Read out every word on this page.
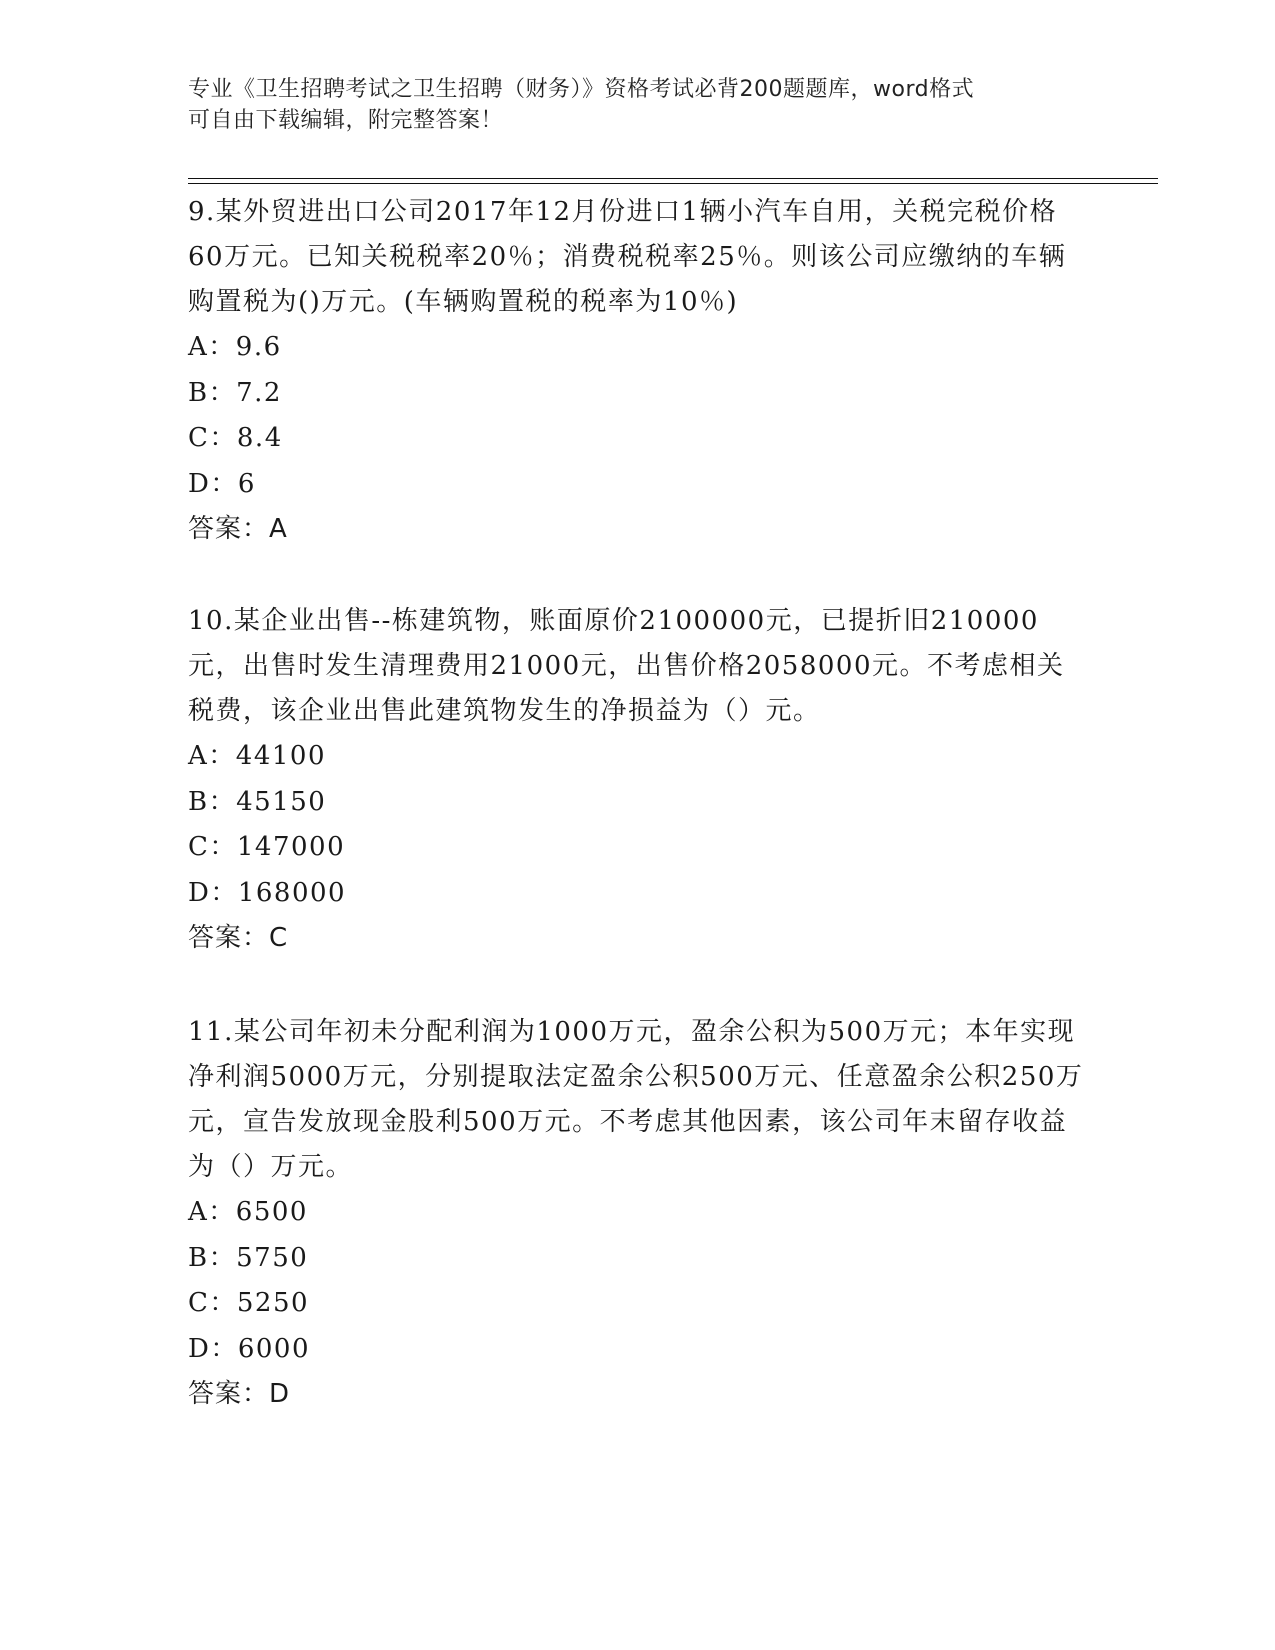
专业《卫生招聘考试之卫生招聘（财务）》资格考试必背200题题库，word格式
可自由下载编辑，附完整答案！

9.某外贸进出口公司2017年12月份进口1辆小汽车自用，关税完税价格60万元。已知关税税率20％；消费税税率25％。则该公司应缴纳的车辆购置税为()万元。(车辆购置税的税率为10％)

A：9.6

B：7.2

C：8.4

D：6

答案：A

10.某企业出售--栋建筑物，账面原价2100000元，已提折旧210000元，出售时发生清理费用21000元，出售价格2058000元。不考虑相关税费，该企业出售此建筑物发生的净损益为（）元。

A：44100

B：45150

C：147000

D：168000

答案：C

11.某公司年初未分配利润为1000万元，盈余公积为500万元；本年实现净利润5000万元，分别提取法定盈余公积500万元、任意盈余公积250万元，宣告发放现金股利500万元。不考虑其他因素，该公司年末留存收益为（）万元。

A：6500

B：5750

C：5250

D：6000

答案：D
